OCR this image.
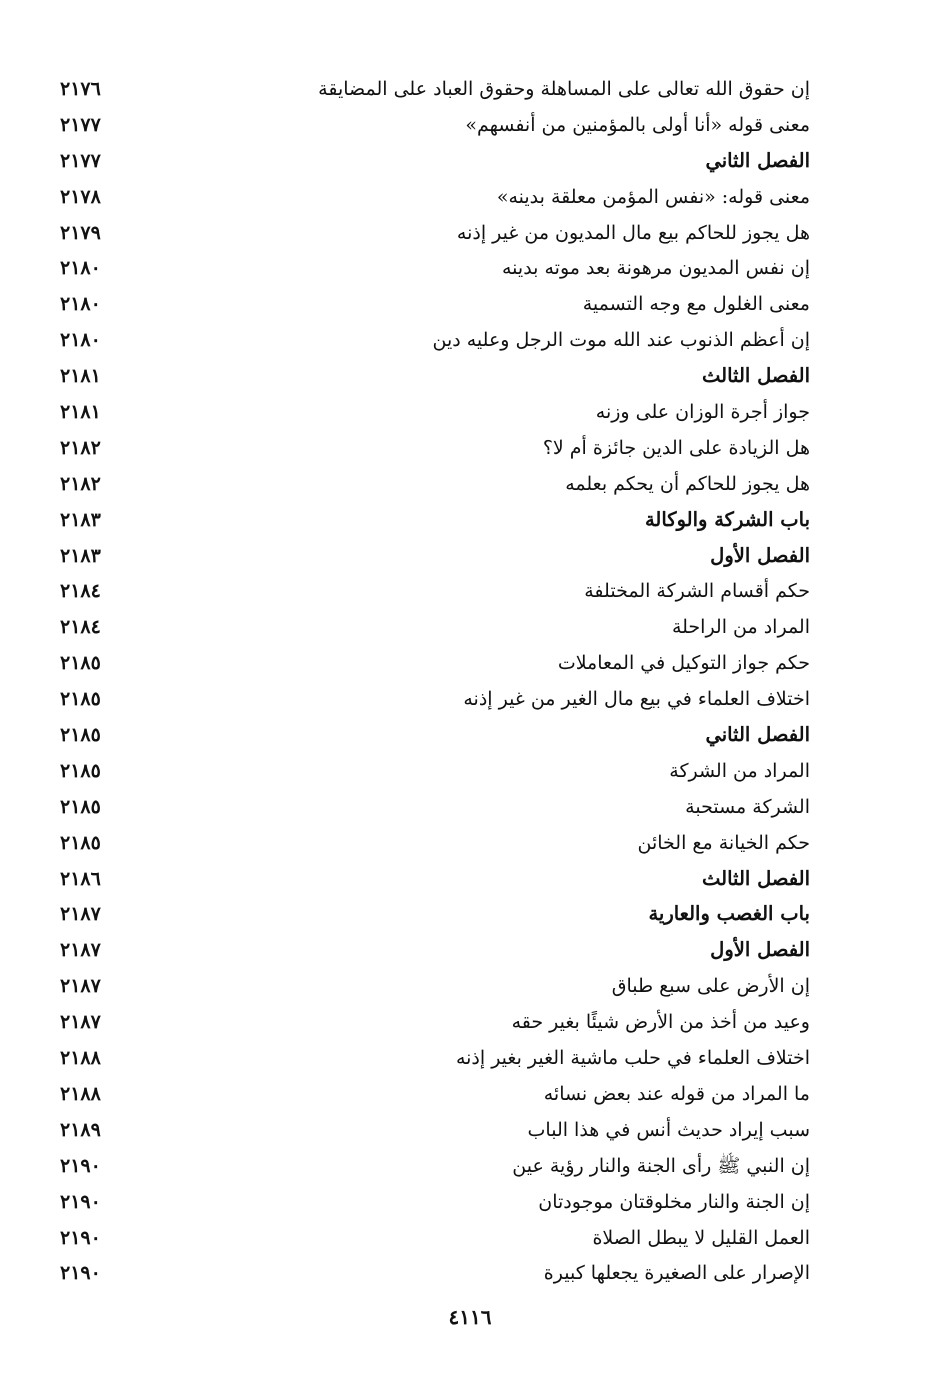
إن حقوق الله تعالى على المساهلة وحقوق العباد على المضايقة
٢١٧٦
معنى قوله «أنا أولى بالمؤمنين من أنفسهم»
٢١٧٧
الفصل الثاني
٢١٧٧
معنى قوله: «نفس المؤمن معلقة بدينه»
٢١٧٨
هل يجوز للحاكم بيع مال المديون من غير إذنه
٢١٧٩
إن نفس المديون مرهونة بعد موته بدينه
٢١٨٠
معنى الغلول مع وجه التسمية
٢١٨٠
إن أعظم الذنوب عند الله موت الرجل وعليه دين
٢١٨٠
الفصل الثالث
٢١٨١
جواز أجرة الوزان على وزنه
٢١٨١
هل الزيادة على الدين جائزة أم لا؟
٢١٨٢
هل يجوز للحاكم أن يحكم بعلمه
٢١٨٢
باب الشركة والوكالة
٢١٨٣
الفصل الأول
٢١٨٣
حكم أقسام الشركة المختلفة
٢١٨٤
المراد من الراحلة
٢١٨٤
حكم جواز التوكيل في المعاملات
٢١٨٥
اختلاف العلماء في بيع مال الغير من غير إذنه
٢١٨٥
الفصل الثاني
٢١٨٥
المراد من الشركة
٢١٨٥
الشركة مستحبة
٢١٨٥
حكم الخيانة مع الخائن
٢١٨٥
الفصل الثالث
٢١٨٦
باب الغصب والعارية
٢١٨٧
الفصل الأول
٢١٨٧
إن الأرض على سبع طباق
٢١٨٧
وعيد من أخذ من الأرض شيئًا بغير حقه
٢١٨٧
اختلاف العلماء في حلب ماشية الغير بغير إذنه
٢١٨٨
ما المراد من قوله عند بعض نسائه
٢١٨٨
سبب إيراد حديث أنس في هذا الباب
٢١٨٩
إن النبي ﷺ رأى الجنة والنار رؤية عين
٢١٩٠
إن الجنة والنار مخلوقتان موجودتان
٢١٩٠
العمل القليل لا يبطل الصلاة
٢١٩٠
الإصرار على الصغيرة يجعلها كبيرة
٢١٩٠
٤١١٦
